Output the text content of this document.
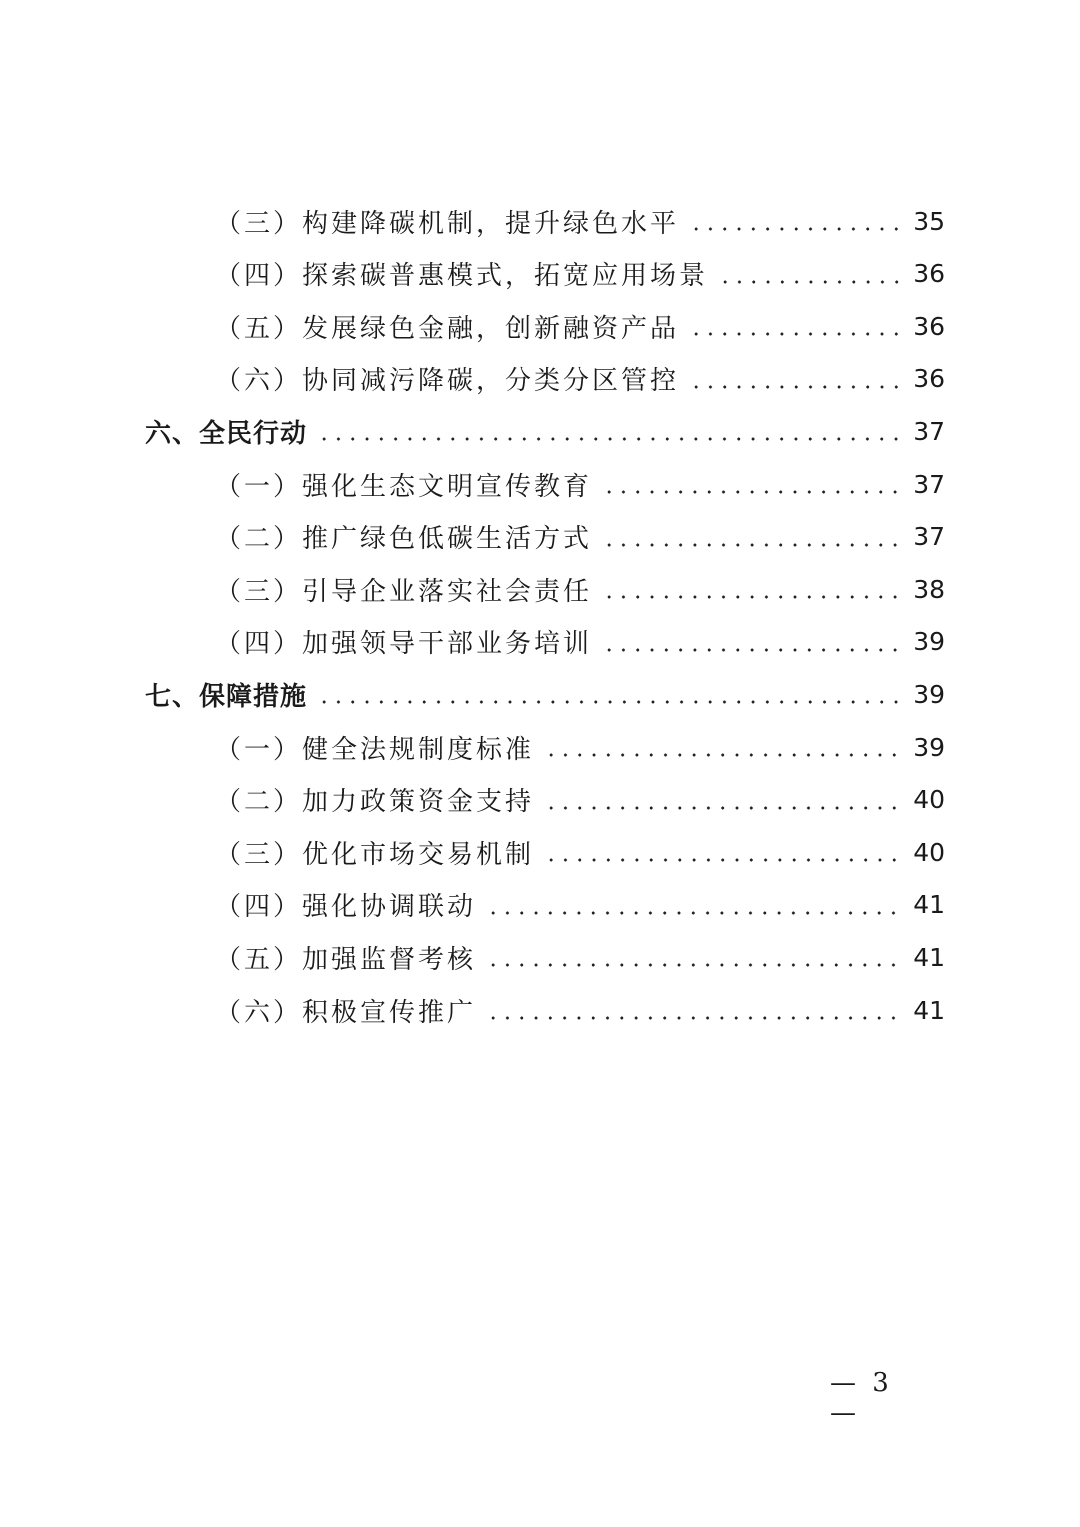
（三）构建降碳机制，提升绿色水平	35
（四）探索碳普惠模式，拓宽应用场景	36
（五）发展绿色金融，创新融资产品	36
（六）协同减污降碳，分类分区管控	36
六、全民行动	37
（一）强化生态文明宣传教育	37
（二）推广绿色低碳生活方式	37
（三）引导企业落实社会责任	38
（四）加强领导干部业务培训	39
七、保障措施	39
（一）健全法规制度标准	39
（二）加力政策资金支持	40
（三）优化市场交易机制	40
（四）强化协调联动	41
（五）加强监督考核	41
（六）积极宣传推广	41
— 3 —
